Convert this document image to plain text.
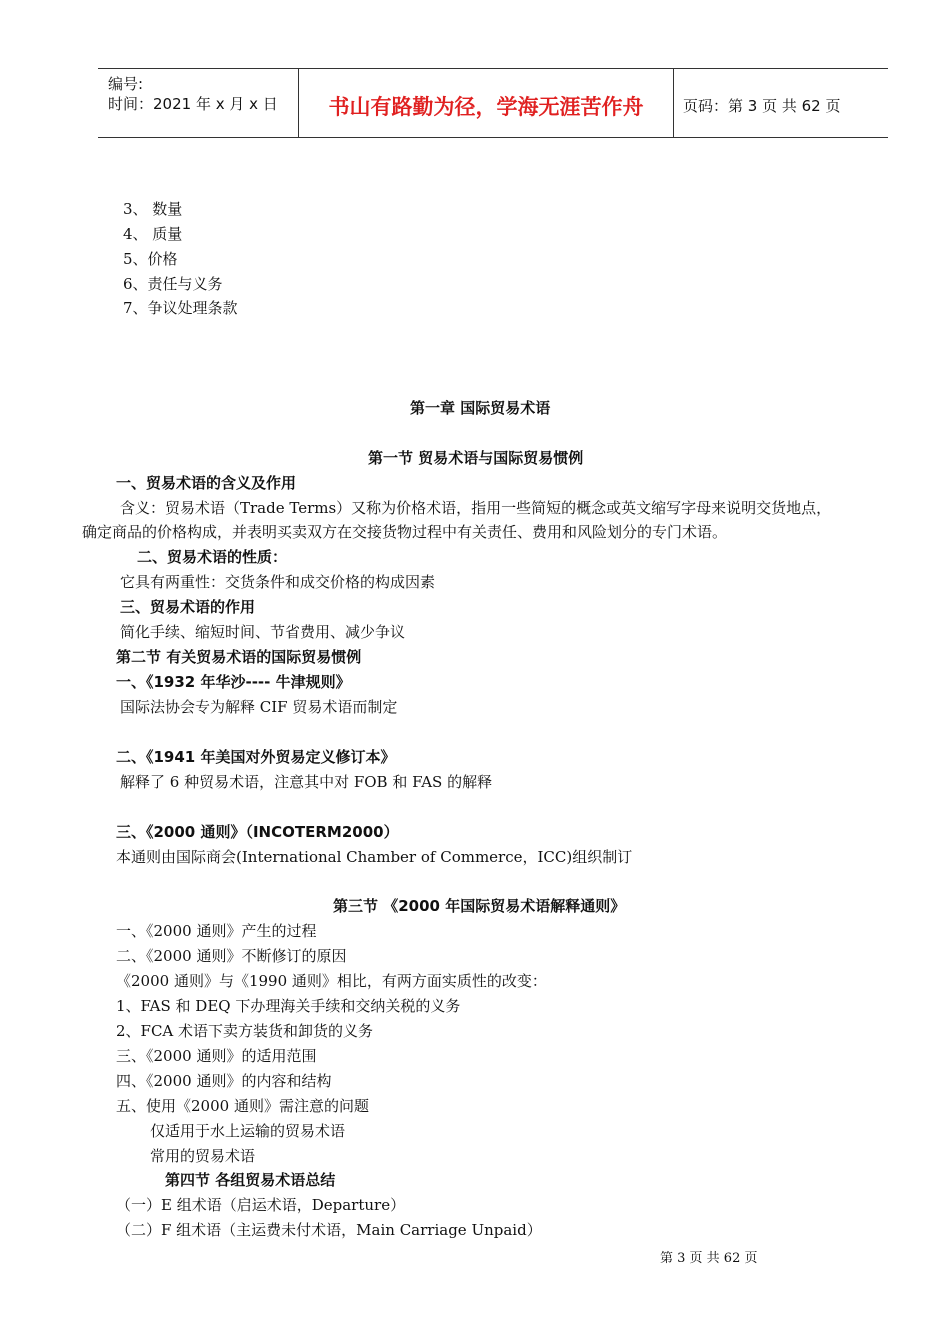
编号:
时间：2021 年 x 月 x 日	书山有路勤为径，学海无涯苦作舟	页码：第 3 页 共 62 页
3、 数量
4、 质量
5、价格
6、责任与义务
7、争议处理条款
第一章 国际贸易术语
第一节 贸易术语与国际贸易惯例
一、贸易术语的含义及作用
含义：贸易术语（Trade Terms）又称为价格术语，指用一些简短的概念或英文缩写字母来说明交货地点，
确定商品的价格构成，并表明买卖双方在交接货物过程中有关责任、费用和风险划分的专门术语。
二、贸易术语的性质：
它具有两重性：交货条件和成交价格的构成因素
三、贸易术语的作用
简化手续、缩短时间、节省费用、减少争议
第二节 有关贸易术语的国际贸易惯例
一、《1932 年华沙---- 牛津规则》
国际法协会专为解释 CIF 贸易术语而制定
二、《1941 年美国对外贸易定义修订本》
解释了 6 种贸易术语，注意其中对 FOB 和 FAS 的解释
三、《2000 通则》（INCOTERM2000）
本通则由国际商会(International Chamber of Commerce，ICC)组织制订
第三节 《2000 年国际贸易术语解释通则》
一、《2000 通则》产生的过程
二、《2000 通则》不断修订的原因
《2000 通则》与《1990 通则》相比，有两方面实质性的改变：
1、FAS 和 DEQ 下办理海关手续和交纳关税的义务
2、FCA 术语下卖方装货和卸货的义务
三、《2000 通则》的适用范围
四、《2000 通则》的内容和结构
五、使用《2000 通则》需注意的问题
仅适用于水上运输的贸易术语
常用的贸易术语
第四节 各组贸易术语总结
（一）E 组术语（启运术语，Departure）
（二）F 组术语（主运费未付术语，Main Carriage Unpaid）
第 3 页 共 62 页
